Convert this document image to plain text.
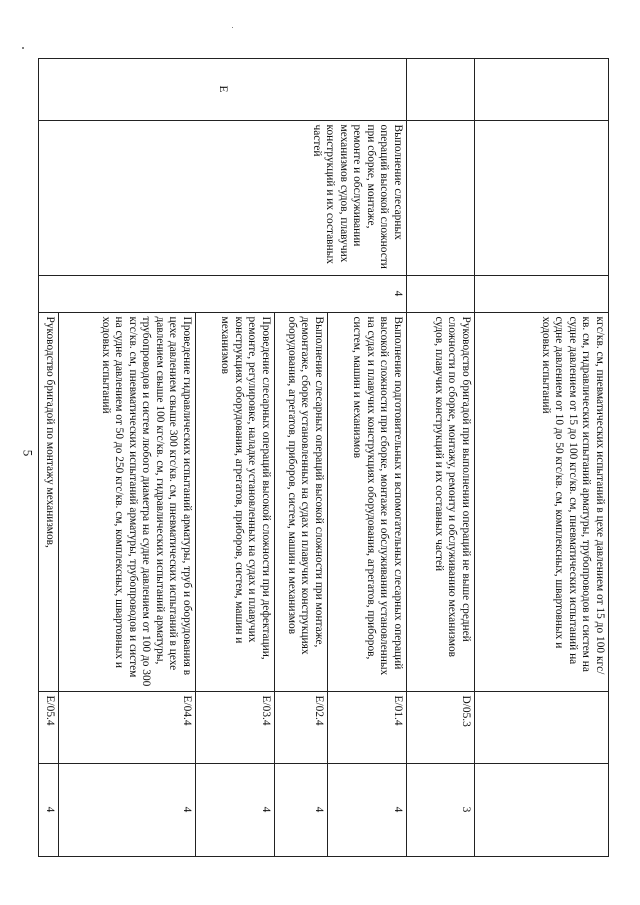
5
					кгс/кв. см, пневматических испытаний в цехе давлением от 15 до 100 кгс/кв. см, гидравлических испытаний арматуры, трубопроводов и систем на судне давлением от 15 до 100 кгс/кв. см, пневматических испытаний на судне давлением от 10 до 50 кгс/кв. см, комплексных, швартовных и ходовых испытаний		
				Руководство бригадой при выполнении операций не выше средней сложности по сборке, монтажу, ремонту и обслуживанию механизмов судов, плавучих конструкций и их составных частей	D/05.3	3
	E	Выполнение слесарных операций высокой сложности при сборке, монтаже, ремонте и обслуживании механизмов судов, плавучих конструкций и их составных частей	4	Выполнение подготовительных и вспомогательных слесарных операций высокой сложности при сборке, монтаже и обслуживании установленных на судах и плавучих конструкциях оборудования, агрегатов, приборов, систем, машин и механизмов	E/01.4	4
			Выполнение слесарных операций высокой сложности при монтаже, демонтаже, сборке установленных на судах и плавучих конструкциях оборудования, агрегатов, приборов, систем, машин и механизмов	E/02.4	4
			Проведение слесарных операций высокой сложности при дефектации, ремонте, регулировке, наладке установленных на судах и плавучих конструкциях оборудования, агрегатов, приборов, систем, машин и механизмов	E/03.4	4
			Проведение гидравлических испытаний арматуры, труб и оборудования в цехе давлением свыше 300 кгс/кв. см, пневматических испытаний в цехе давлением свыше 100 кгс/кв. см, гидравлических испытаний арматуры, трубопроводов и систем любого диаметра на судне давлением от 100 до 300 кгс/кв. см, пневматических испытаний арматуры, трубопроводов и систем на судне давлением от 50 до 250 кгс/кв. см, комплексных, швартовных и ходовых испытаний	E/04.4	4
			Руководство бригадой по монтажу механизмов,	E/05.4	4
